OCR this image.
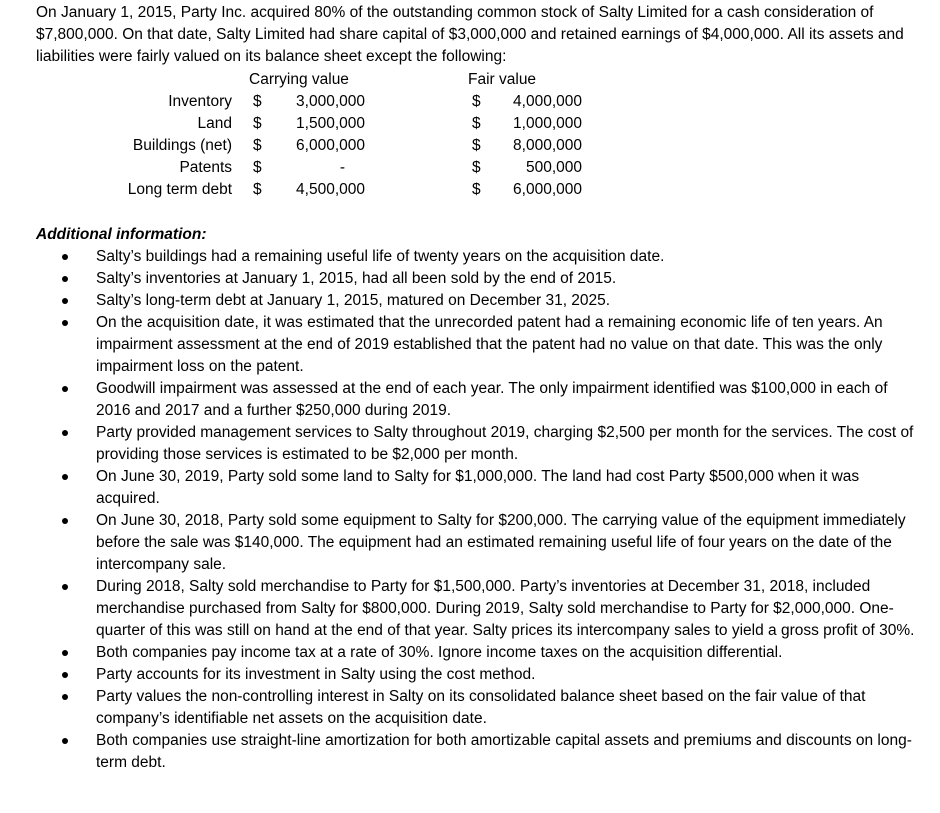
On January 1, 2015, Party Inc. acquired 80% of the outstanding common stock of Salty Limited for a cash consideration of $7,800,000. On that date, Salty Limited had share capital of $3,000,000 and retained earnings of $4,000,000. All its assets and liabilities were fairly valued on its balance sheet except the following:

Carrying value	Fair value
Inventory $ 3,000,000	$ 4,000,000
Land $ 1,500,000	$ 1,000,000
Buildings (net) $ 6,000,000	$ 8,000,000
Patents $	-	$	500,000
Long term debt $ 4,500,000	$ 6,000,000
Additional information:
Salty’s buildings had a remaining useful life of twenty years on the acquisition date.
Salty’s inventories at January 1, 2015, had all been sold by the end of 2015.
Salty’s long-term debt at January 1, 2015, matured on December 31, 2025.
On the acquisition date, it was estimated that the unrecorded patent had a remaining economic life of ten years. An impairment assessment at the end of 2019 established that the patent had no value on that date. This was the only impairment loss on the patent.
Goodwill impairment was assessed at the end of each year. The only impairment identified was $100,000 in each of 2016 and 2017 and a further $250,000 during 2019.
Party provided management services to Salty throughout 2019, charging $2,500 per month for the services. The cost of providing those services is estimated to be $2,000 per month.
On June 30, 2019, Party sold some land to Salty for $1,000,000. The land had cost Party $500,000 when it was acquired.
On June 30, 2018, Party sold some equipment to Salty for $200,000. The carrying value of the equipment immediately before the sale was $140,000. The equipment had an estimated remaining useful life of four years on the date of the intercompany sale.
During 2018, Salty sold merchandise to Party for $1,500,000. Party’s inventories at December 31, 2018, included merchandise purchased from Salty for $800,000. During 2019, Salty sold merchandise to Party for $2,000,000. One-quarter of this was still on hand at the end of that year. Salty prices its intercompany sales to yield a gross profit of 30%.
Both companies pay income tax at a rate of 30%. Ignore income taxes on the acquisition differential.
Party accounts for its investment in Salty using the cost method.
Party values the non-controlling interest in Salty on its consolidated balance sheet based on the fair value of that company’s identifiable net assets on the acquisition date.
Both companies use straight-line amortization for both amortizable capital assets and premiums and discounts on long-term debt.
